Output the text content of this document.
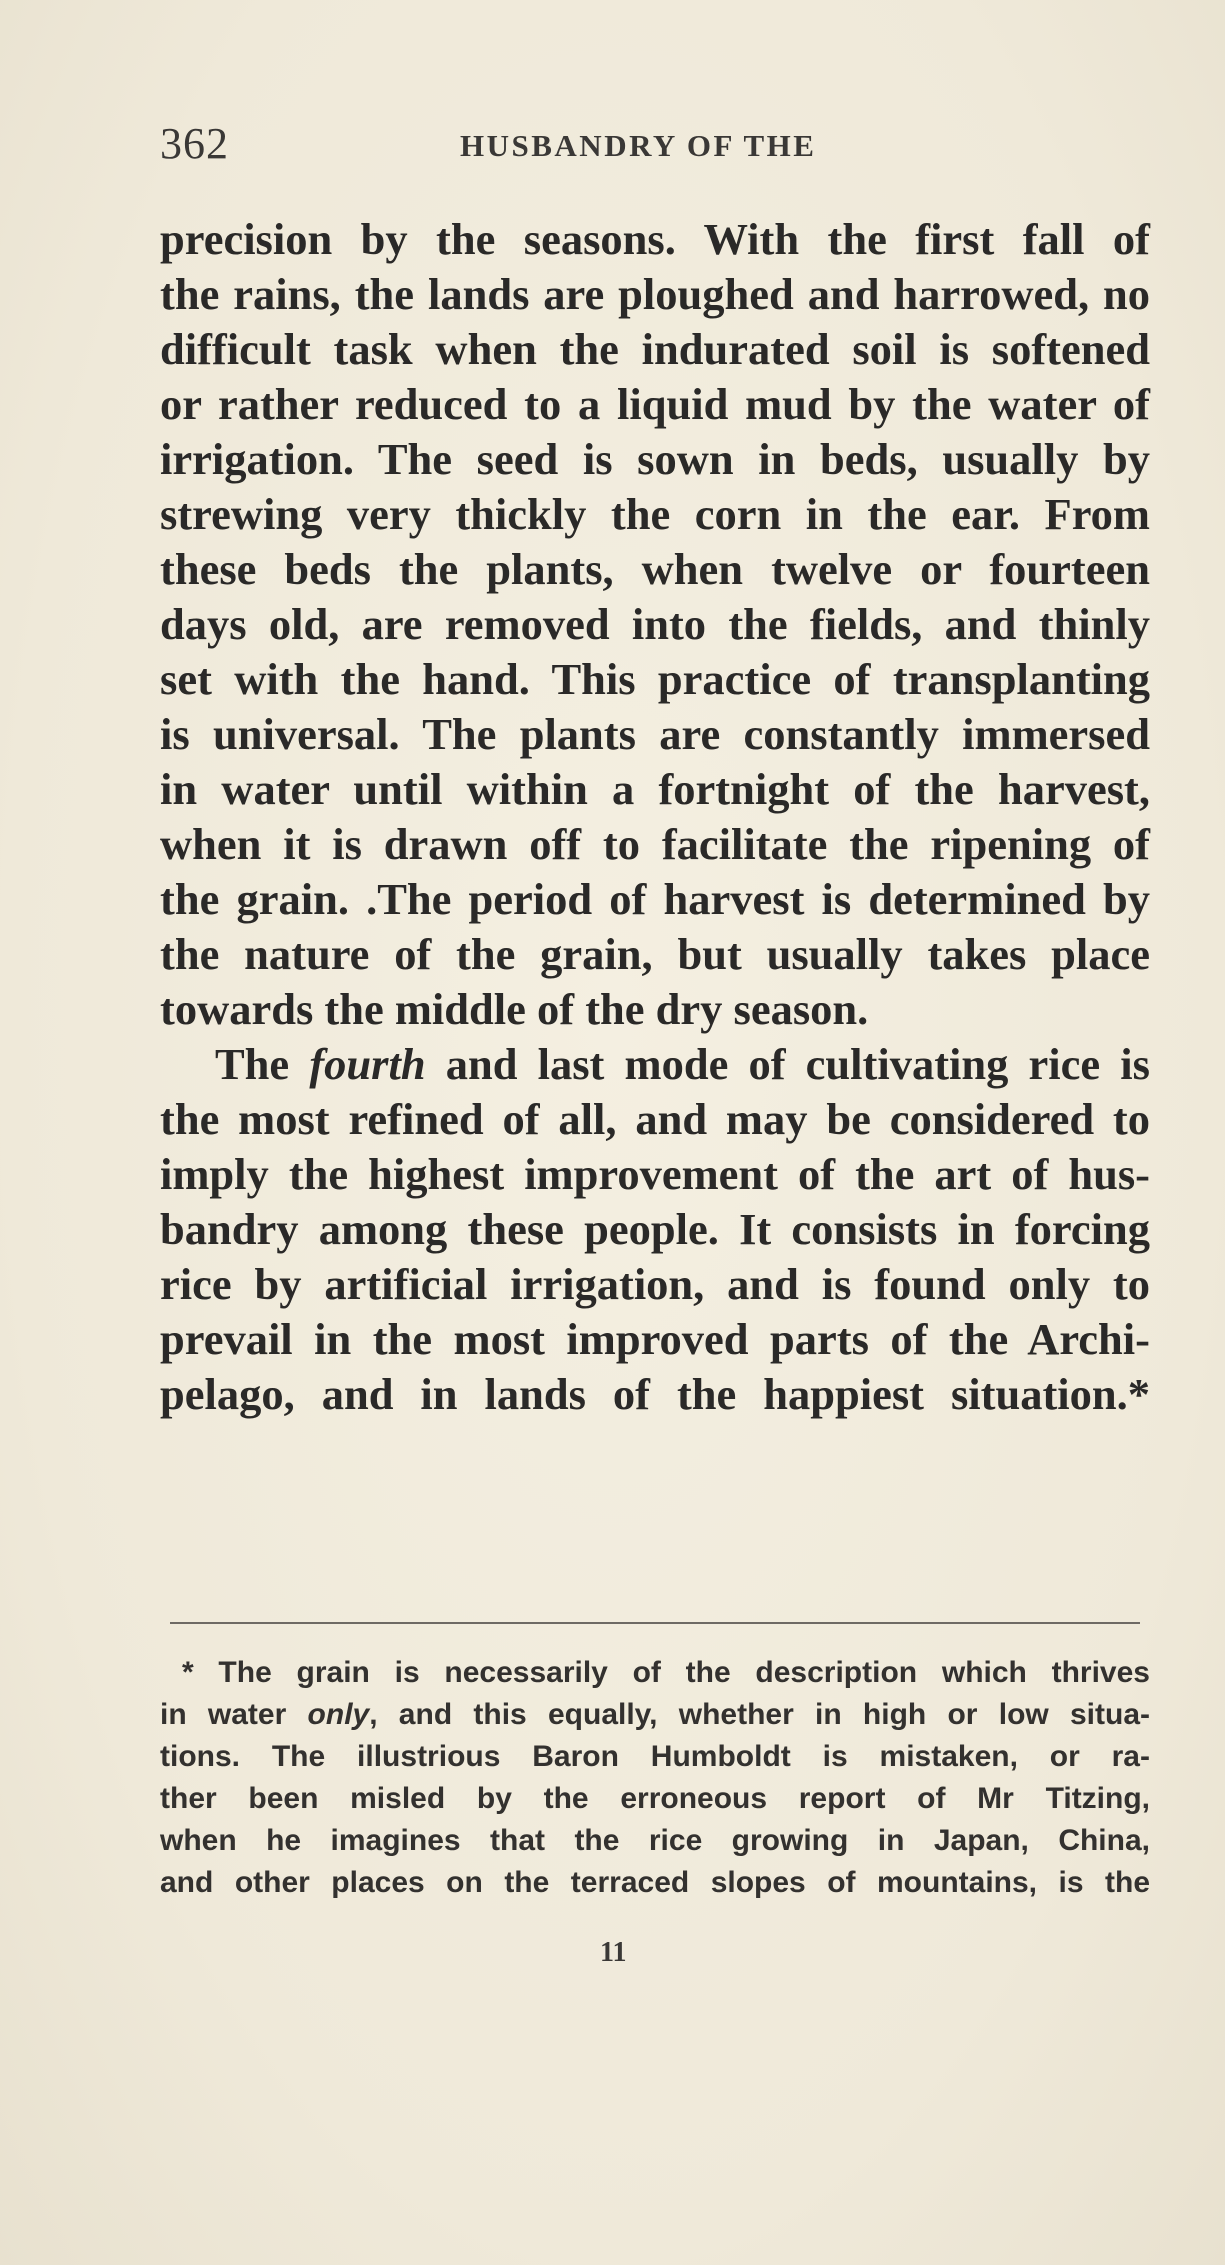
362	HUSBANDRY OF THE
precision by the seasons. With the first fall of
the rains, the lands are ploughed and harrowed, no
difficult task when the indurated soil is softened
or rather reduced to a liquid mud by the water of
irrigation. The seed is sown in beds, usually by
strewing very thickly the corn in the ear. From
these beds the plants, when twelve or fourteen
days old, are removed into the fields, and thinly
set with the hand. This practice of transplanting
is universal. The plants are constantly immersed
in water until within a fortnight of the harvest,
when it is drawn off to facilitate the ripening of
the grain. .The period of harvest is determined by
the nature of the grain, but usually takes place
towards the middle of the dry season.
The fourth and last mode of cultivating rice is
the most refined of all, and may be considered to
imply the highest improvement of the art of hus-
bandry among these people. It consists in forcing
rice by artificial irrigation, and is found only to
prevail in the most improved parts of the Archi-
pelago, and in lands of the happiest situation.*
* The grain is necessarily of the description which thrives
in water only, and this equally, whether in high or low situa-
tions. The illustrious Baron Humboldt is mistaken, or ra-
ther been misled by the erroneous report of Mr Titzing,
when he imagines that the rice growing in Japan, China,
and other places on the terraced slopes of mountains, is the
11
